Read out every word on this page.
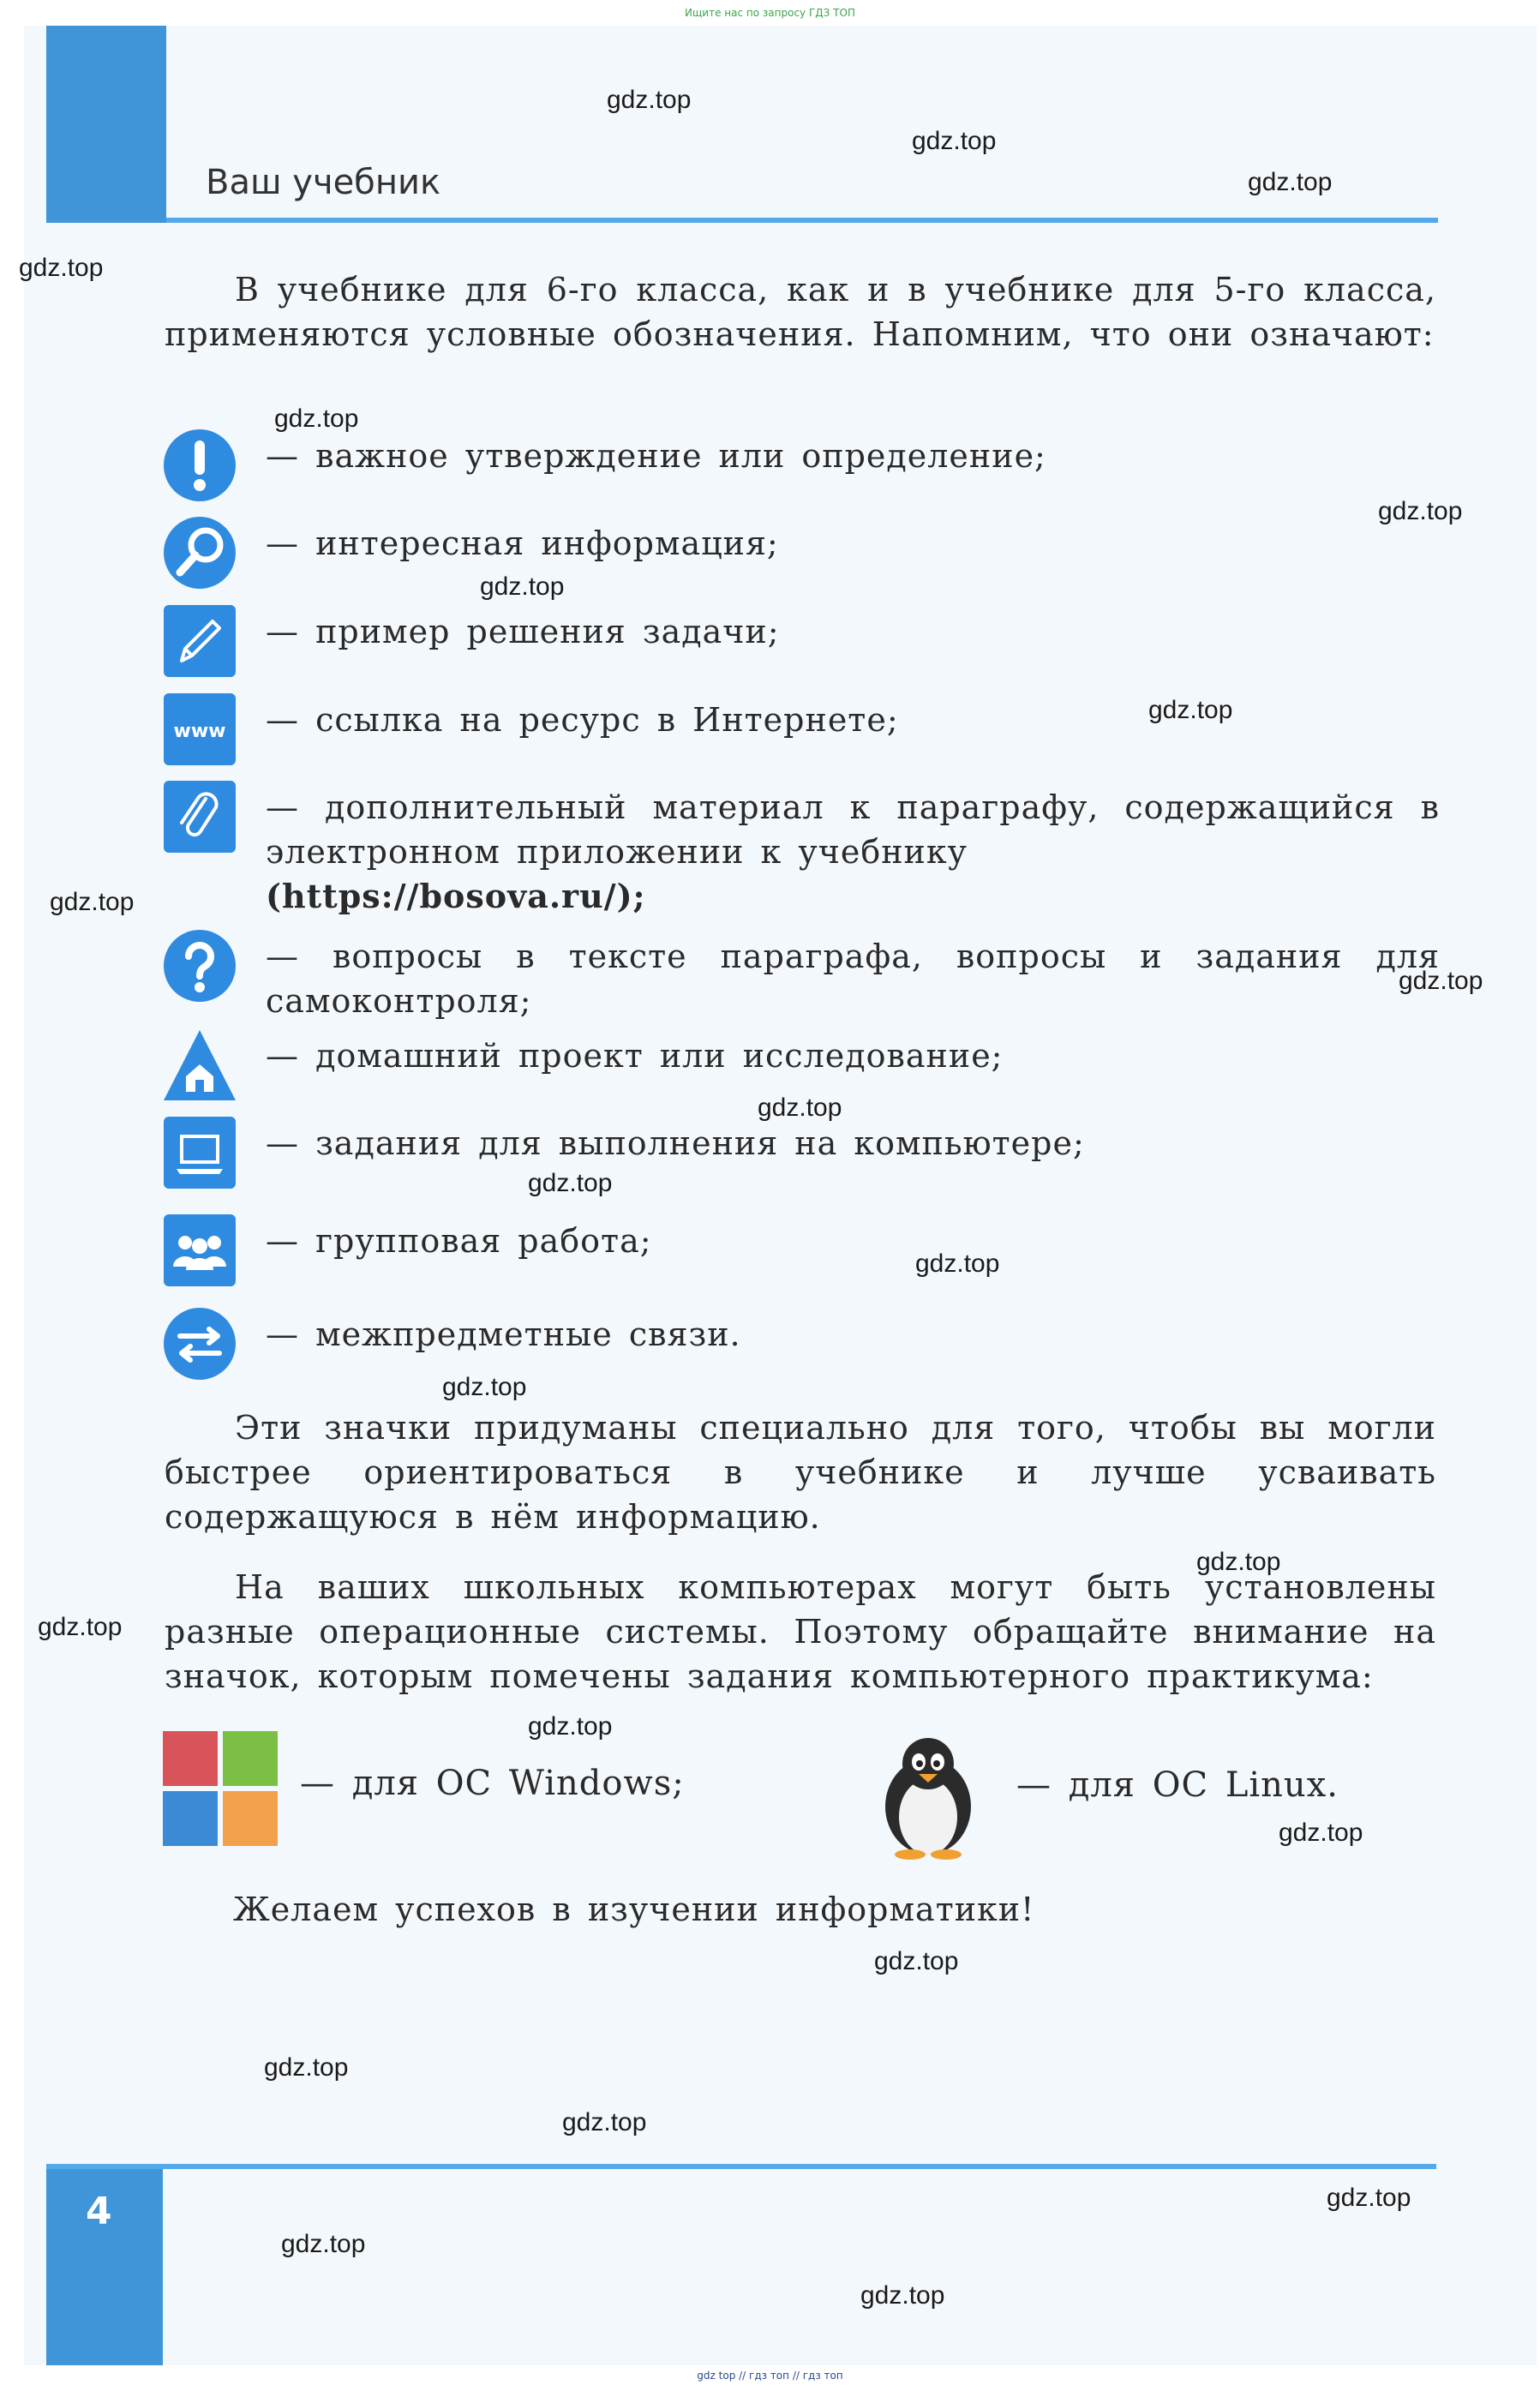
Ищите нас по запросу ГДЗ ТОП
Ваш учебник
В учебнике для 6-го класса, как и в учебнике для 5-го класса, применяются условные обозначения. Напомним, что они означают:
— важное утверждение или определение;
— интересная информация;
— пример решения задачи;
www — ссылка на ресурс в Интернете;
— дополнительный материал к параграфу, содержащийся в электронном приложении к учебнику
(https://bosova.ru/);
— вопросы в тексте параграфа, вопросы и задания для самоконтроля;
— домашний проект или исследование;
— задания для выполнения на компьютере;
— групповая работа;
— межпредметные связи.
Эти значки придуманы специально для того, чтобы вы могли быстрее ориентироваться в учебнике и лучше усваивать содержащуюся в нём информацию.
На ваших школьных компьютерах могут быть установлены разные операционные системы. Поэтому обращайте внимание на значок, которым помечены задания компьютерного практикума:
— для ОС Windows;	— для ОС Linux.
Желаем успехов в изучении информатики!
4
gdz.top
gdz.top
gdz.top
gdz.top
gdz.top
gdz.top
gdz.top
gdz.top
gdz.top
gdz.top
gdz.top
gdz.top
gdz.top
gdz.top
gdz.top
gdz.top
gdz.top
gdz.top
gdz.top
gdz.top
gdz.top
gdz.top
gdz.top
gdz.top
gdz top // гдз топ // гдз топ
